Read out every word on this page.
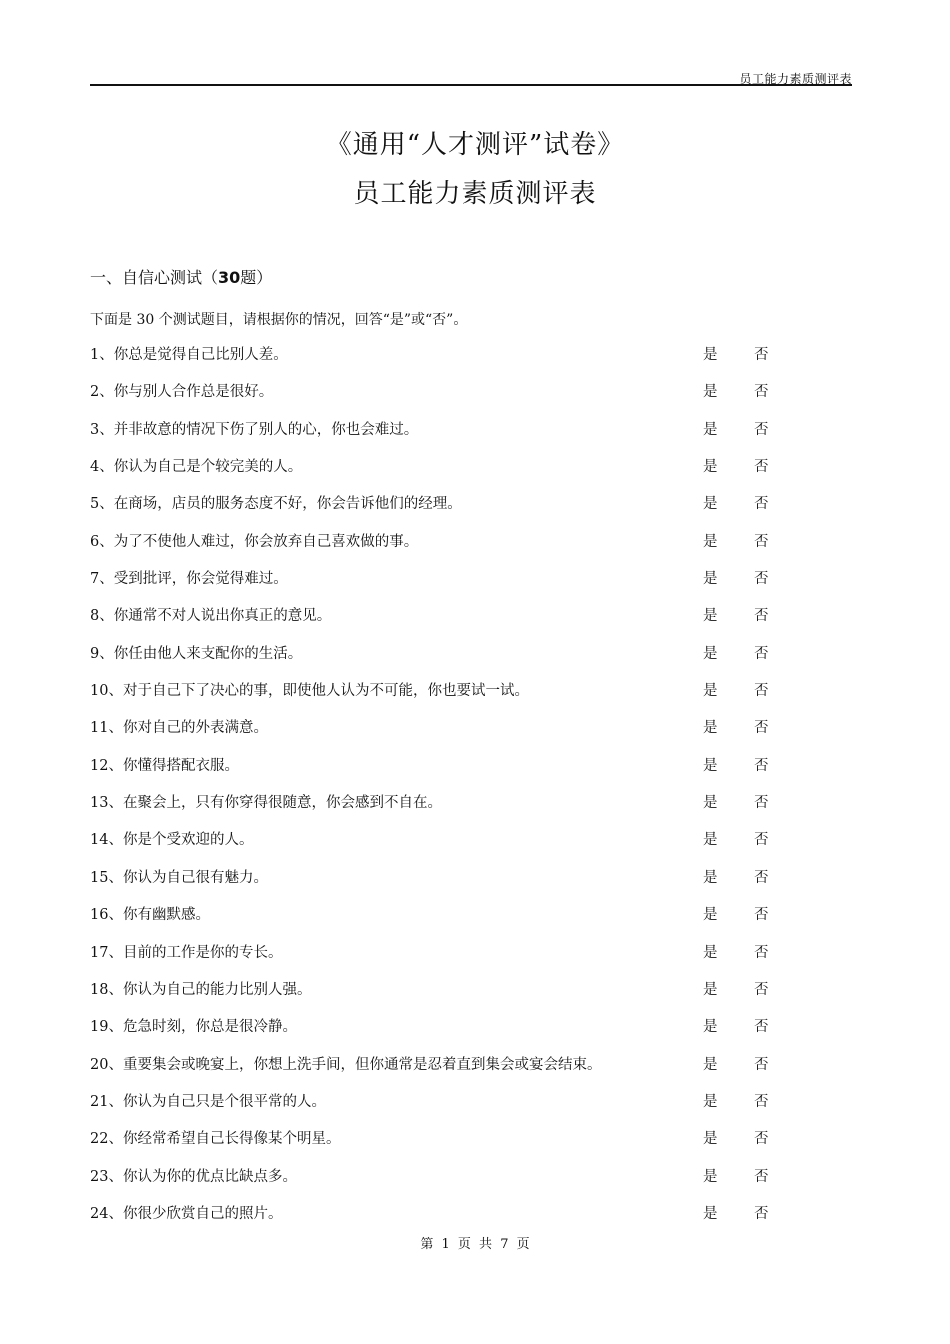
员工能力素质测评表
《通用“人才测评”试卷》
员工能力素质测评表
一、自信心测试（30题）
下面是 30 个测试题目，请根据你的情况，回答“是”或“否”。
1、你总是觉得自己比别人差。	是	否
2、你与别人合作总是很好。	是	否
3、并非故意的情况下伤了别人的心，你也会难过。	是	否
4、你认为自己是个较完美的人。	是	否
5、在商场，店员的服务态度不好，你会告诉他们的经理。	是	否
6、为了不使他人难过，你会放弃自己喜欢做的事。	是	否
7、受到批评，你会觉得难过。	是	否
8、你通常不对人说出你真正的意见。	是	否
9、你任由他人来支配你的生活。	是	否
10、对于自己下了决心的事，即使他人认为不可能，你也要试一试。	是	否
11、你对自己的外表满意。	是	否
12、你懂得搭配衣服。	是	否
13、在聚会上，只有你穿得很随意，你会感到不自在。	是	否
14、你是个受欢迎的人。	是	否
15、你认为自己很有魅力。	是	否
16、你有幽默感。	是	否
17、目前的工作是你的专长。	是	否
18、你认为自己的能力比别人强。	是	否
19、危急时刻，你总是很冷静。	是	否
20、重要集会或晚宴上，你想上洗手间，但你通常是忍着直到集会或宴会结束。	是	否
21、你认为自己只是个很平常的人。	是	否
22、你经常希望自己长得像某个明星。	是	否
23、你认为你的优点比缺点多。	是	否
24、你很少欣赏自己的照片。	是	否
第 1 页 共 7 页
